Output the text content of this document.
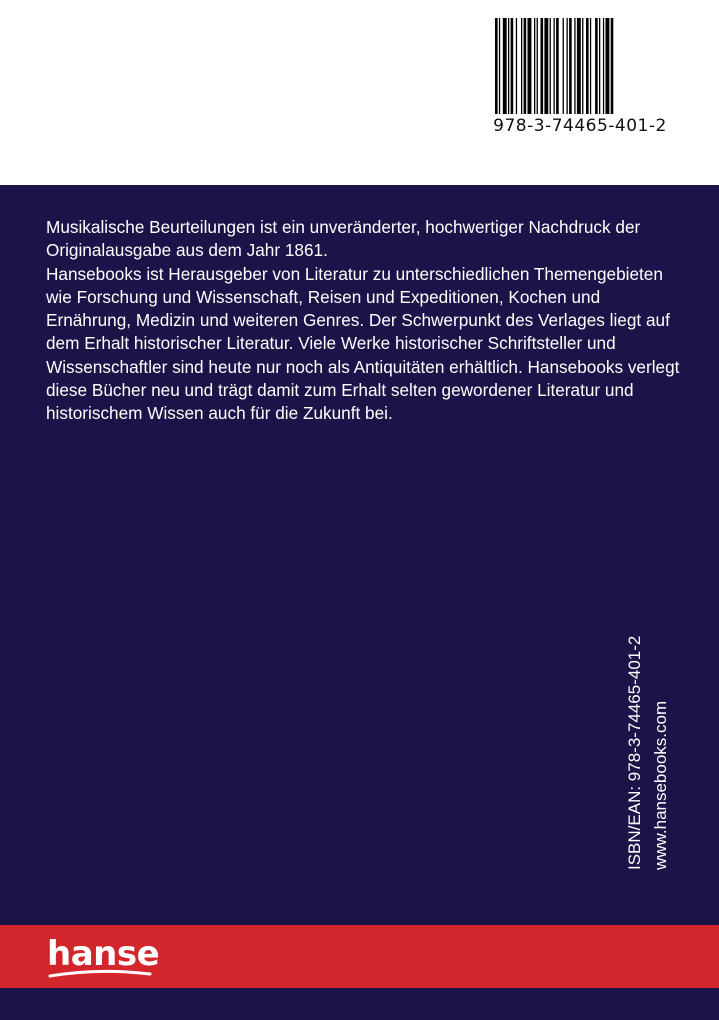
978-3-74465-401-2
Musikalische Beurteilungen ist ein unveränderter, hochwertiger Nachdruck der Originalausgabe aus dem Jahr 1861.
Hansebooks ist Herausgeber von Literatur zu unterschiedlichen Themengebieten wie Forschung und Wissenschaft, Reisen und Expeditionen, Kochen und Ernährung, Medizin und weiteren Genres. Der Schwerpunkt des Verlages liegt auf dem Erhalt historischer Literatur. Viele Werke historischer Schriftsteller und Wissenschaftler sind heute nur noch als Antiquitäten erhältlich. Hansebooks verlegt diese Bücher neu und trägt damit zum Erhalt selten gewordener Literatur und historischem Wissen auch für die Zukunft bei.
ISBN/EAN: 978-3-74465-401-2 www.hansebooks.com
hanse
